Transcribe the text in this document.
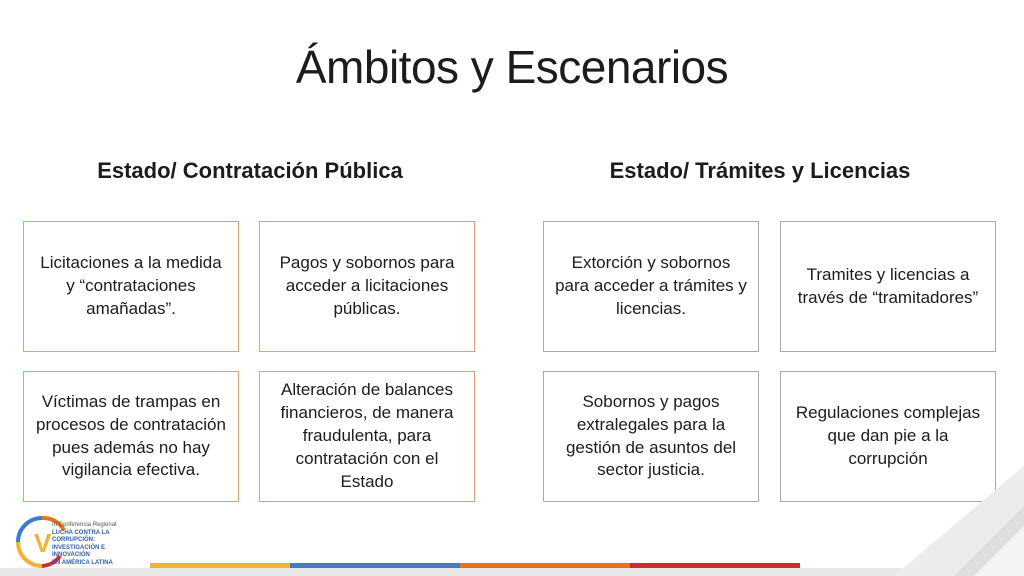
Ámbitos y Escenarios
Estado/ Contratación Pública	Estado/ Trámites y Licencias
Licitaciones a la medida y “contrataciones amañadas”.
Pagos y sobornos para acceder a licitaciones públicas.
Víctimas de trampas en procesos de contratación pues además no hay vigilancia efectiva.
Alteración de balances financieros, de manera fraudulenta, para contratación con el Estado
Extorción y sobornos para acceder a trámites y licencias.
Tramites y licencias a través de “tramitadores”
Sobornos y pagos extralegales para la gestión de asuntos del sector justicia.
Regulaciones complejas que dan pie a la corrupción
V
III Conferencia Regional
LUCHA CONTRA LA CORRUPCIÓN:
INVESTIGACIÓN E INNOVACIÓN
EN AMÉRICA LATINA
